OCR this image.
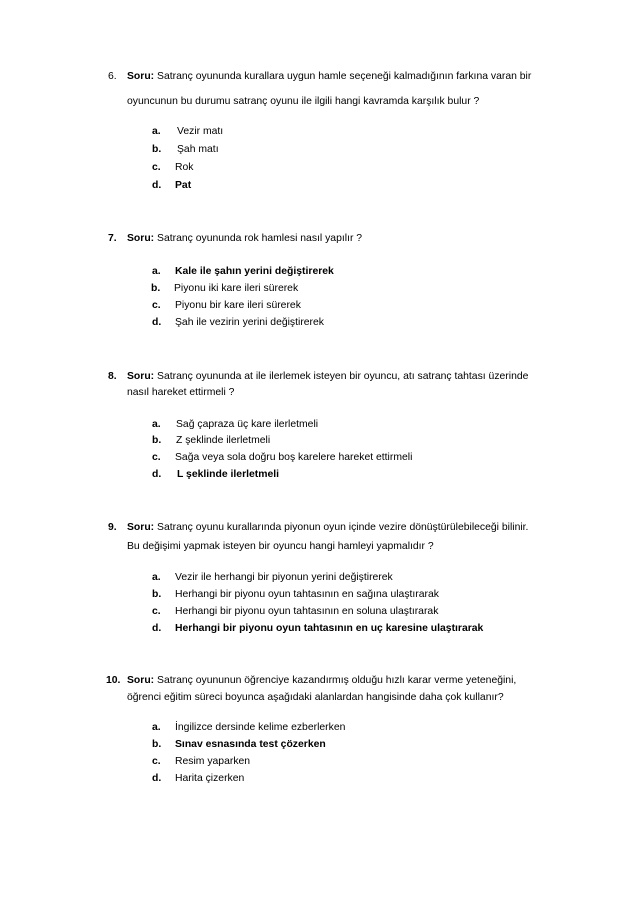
6. Soru: Satranç oyununda kurallara uygun hamle seçeneği kalmadığının farkına varan bir
oyuncunun bu durumu satranç oyunu ile ilgili hangi kavramda karşılık bulur ?
a. Vezir matı
b. Şah matı
c. Rok
d. Pat
7. Soru: Satranç oyununda rok hamlesi nasıl yapılır ?
a. Kale ile şahın yerini değiştirerek
b. Piyonu iki kare ileri sürerek
c. Piyonu bir kare ileri sürerek
d. Şah ile vezirin yerini değiştirerek
8. Soru: Satranç oyununda at ile ilerlemek isteyen bir oyuncu, atı satranç tahtası üzerinde
nasıl hareket ettirmeli ?
a. Sağ çapraza üç kare ilerletmeli
b. Z şeklinde ilerletmeli
c. Sağa veya sola doğru boş karelere hareket ettirmeli
d. L şeklinde ilerletmeli
9. Soru: Satranç oyunu kurallarında piyonun oyun içinde vezire dönüştürülebileceği bilinir.
Bu değişimi yapmak isteyen bir oyuncu hangi hamleyi yapmalıdır ?
a. Vezir ile herhangi bir piyonun yerini değiştirerek
b. Herhangi bir piyonu oyun tahtasının en sağına ulaştırarak
c. Herhangi bir piyonu oyun tahtasının en soluna ulaştırarak
d. Herhangi bir piyonu oyun tahtasının en uç karesine ulaştırarak
10. Soru: Satranç oyununun öğrenciye kazandırmış olduğu hızlı karar verme yeteneğini,
öğrenci eğitim süreci boyunca aşağıdaki alanlardan hangisinde daha çok kullanır?
a. İngilizce dersinde kelime ezberlerken
b. Sınav esnasında test çözerken
c. Resim yaparken
d. Harita çizerken
